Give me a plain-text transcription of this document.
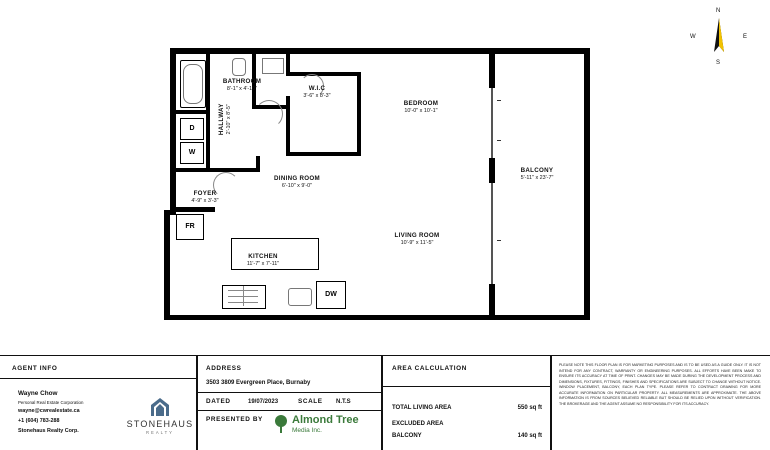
N
S
E
W
D
W
FR
DW
BATHROOM
8'-1" x 4'-10"	W.I.C
3'-6" x 8'-3"
BEDROOM
10'-0" x 10'-1"
BALCONY
5'-11" x 23'-7"
FOYER
4'-9" x 3'-3"
DINING ROOM
6'-10" x 9'-0"
LIVING ROOM
10'-9" x 11'-5"
KITCHEN
11'-7" x 7'-11"
HALLWAY 2'-10" x 8'-5"
AGENT INFO
Wayne Chow
Personal Real Estate Corporation
wayne@cwrealestate.ca
+1 (604) 783-288
Stonehaus Realty Corp.
STONEHAUS
REALTY
ADDRESS
3503 3809 Evergreen Place, Burnaby
DATED	19/07/2023	SCALE N.T.S
PRESENTED BY	Almond Tree
Media Inc.
AREA CALCULATION
TOTAL LIVING AREA	550 sq ft
EXCLUDED AREA
BALCONY	140 sq ft
PLEASE NOTE THIS FLOOR PLAN IS FOR MARKETING PURPOSES AND IS TO BE USED AS A GUIDE ONLY. IT IS NOT INTEND FOR ANY CONTRACT, WARRANTY OR ENGINEERING PURPOSES. ALL EFFORTS HAVE BEEN MAKE TO ENSURE ITS ACCURACY AT TIME OF PRINT. CHANGES MAY BE MADE DURING THE DEVELOPMENT PROCESS AND DIMENSIONS, FIXTURES, FITTINGS, FINISHES AND SPECIFICATIONS ARE SUBJECT TO CHANGE WITHOUT NOTICE. WINDOW PLACEMENT, BALCONY, EACH PLAN TYPE. PLEASE REFER TO CONTRACT DRAWING FOR MORE ACCURATE INFORMATION ON PARTICULAR PROPERTY. ALL MEASUREMENTS ARE APPROXIMATE. THE ABOVE INFORMATION IS FROM SOURCES BELIEVED RELIABLE BUT SHOULD BE RELIED UPON WITHOUT VERIFICATION. THE BROKERAGE AND THE AGENT ASSUME NO RESPONSIBILITY FOR ITS ACCURACY.
